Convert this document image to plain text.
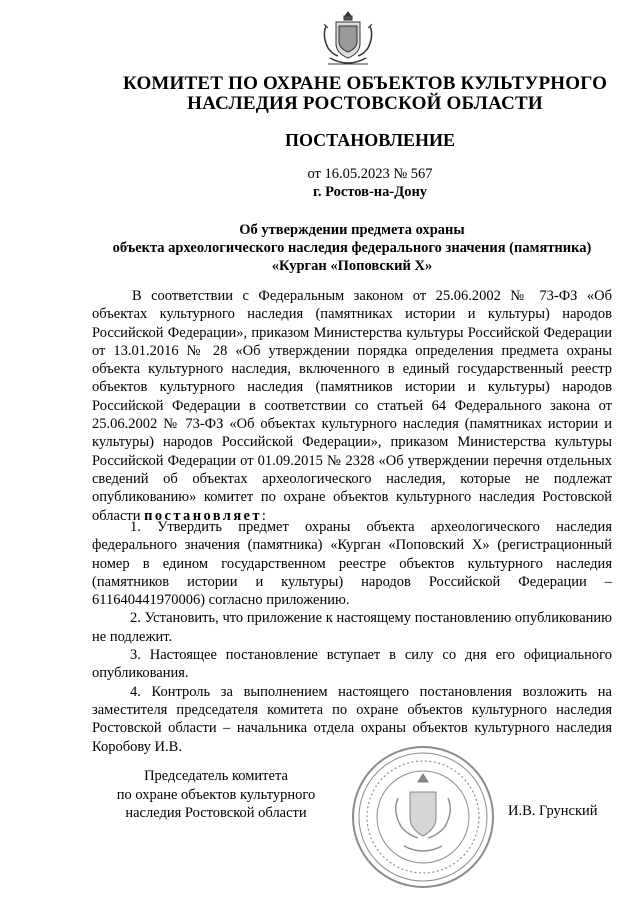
КОМИТЕТ ПО ОХРАНЕ ОБЪЕКТОВ КУЛЬТУРНОГО
НАСЛЕДИЯ РОСТОВСКОЙ ОБЛАСТИ
ПОСТАНОВЛЕНИЕ
от 16.05.2023 № 567
г. Ростов-на-Дону
Об утверждении предмета охраны
объекта археологического наследия федерального значения (памятника)
«Курган «Поповский Х»

В соответствии с Федеральным законом от 25.06.2002 № 73-ФЗ «Об объектах культурного наследия (памятниках истории и культуры) народов Российской Федерации», приказом Министерства культуры Российской Федерации от 13.01.2016 № 28 «Об утверждении порядка определения предмета охраны объекта культурного наследия, включенного в единый государственный реестр объектов культурного наследия (памятников истории и культуры) народов Российской Федерации в соответствии со статьей 64 Федерального закона от 25.06.2002 № 73-ФЗ «Об объектах культурного наследия (памятниках истории и культуры) народов Российской Федерации», приказом Министерства культуры Российской Федерации от 01.09.2015 № 2328 «Об утверждении перечня отдельных сведений об объектах археологического наследия, которые не подлежат опубликованию» комитет по охране объектов культурного наследия Ростовской области постановляет:

1. Утвердить предмет охраны объекта археологического наследия федерального значения (памятника) «Курган «Поповский Х» (регистрационный номер в едином государственном реестре объектов культурного наследия (памятников истории и культуры) народов Российской Федерации – 611640441970006) согласно приложению.

2. Установить, что приложение к настоящему постановлению опубликованию не подлежит.

3. Настоящее постановление вступает в силу со дня его официального опубликования.

4. Контроль за выполнением настоящего постановления возложить на заместителя председателя комитета по охране объектов культурного наследия Ростовской области – начальника отдела охраны объектов культурного наследия Коробову И.В.

Председатель комитета
по охране объектов культурного
наследия Ростовской области	И.В. Грунский
